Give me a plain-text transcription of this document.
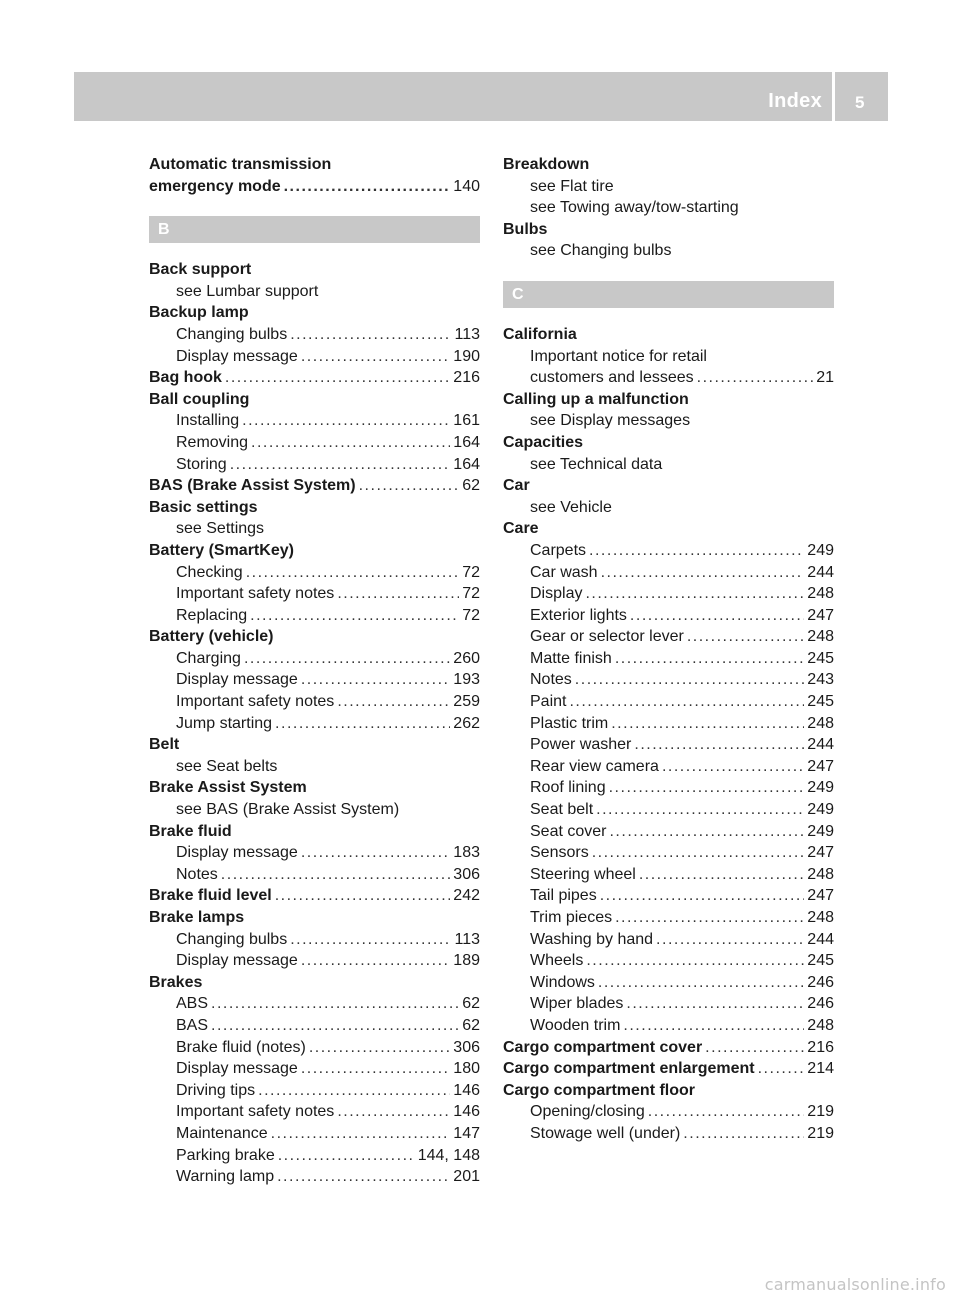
Index 5
Automatic transmission
emergency mode .....	140
B
Back support
see Lumbar support
Backup lamp
Changing bulbs .....	113
Display message .....	190
Bag hook .....	216
Ball coupling
Installing .....	161
Removing .....	164
Storing .....	164
BAS (Brake Assist System) .....	62
Basic settings
see Settings
Battery (SmartKey)
Checking .....	72
Important safety notes .....	72
Replacing .....	72
Battery (vehicle)
Charging .....	260
Display message .....	193
Important safety notes .....	259
Jump starting .....	262
Belt
see Seat belts
Brake Assist System
see BAS (Brake Assist System)
Brake fluid
Display message .....	183
Notes .....	306
Brake fluid level .....	242
Brake lamps
Changing bulbs .....	113
Display message .....	189
Brakes
ABS .....	62
BAS .....	62
Brake fluid (notes) .....	306
Display message .....	180
Driving tips .....	146
Important safety notes .....	146
Maintenance .....	147
Parking brake .....	144, 148
Warning lamp .....	201
Breakdown
see Flat tire
see Towing away/tow-starting
Bulbs
see Changing bulbs
C
California
Important notice for retail
customers and lessees .....	21
Calling up a malfunction
see Display messages
Capacities
see Technical data
Car
see Vehicle
Care
Carpets .....	249
Car wash .....	244
Display .....	248
Exterior lights .....	247
Gear or selector lever .....	248
Matte finish .....	245
Notes .....	243
Paint .....	245
Plastic trim .....	248
Power washer .....	244
Rear view camera .....	247
Roof lining .....	249
Seat belt .....	249
Seat cover .....	249
Sensors .....	247
Steering wheel .....	248
Tail pipes .....	247
Trim pieces .....	248
Washing by hand .....	244
Wheels .....	245
Windows .....	246
Wiper blades .....	246
Wooden trim .....	248
Cargo compartment cover .....	216
Cargo compartment enlargement .....	214
Cargo compartment floor
Opening/closing .....	219
Stowage well (under) .....	219
carmanualsonline.info
